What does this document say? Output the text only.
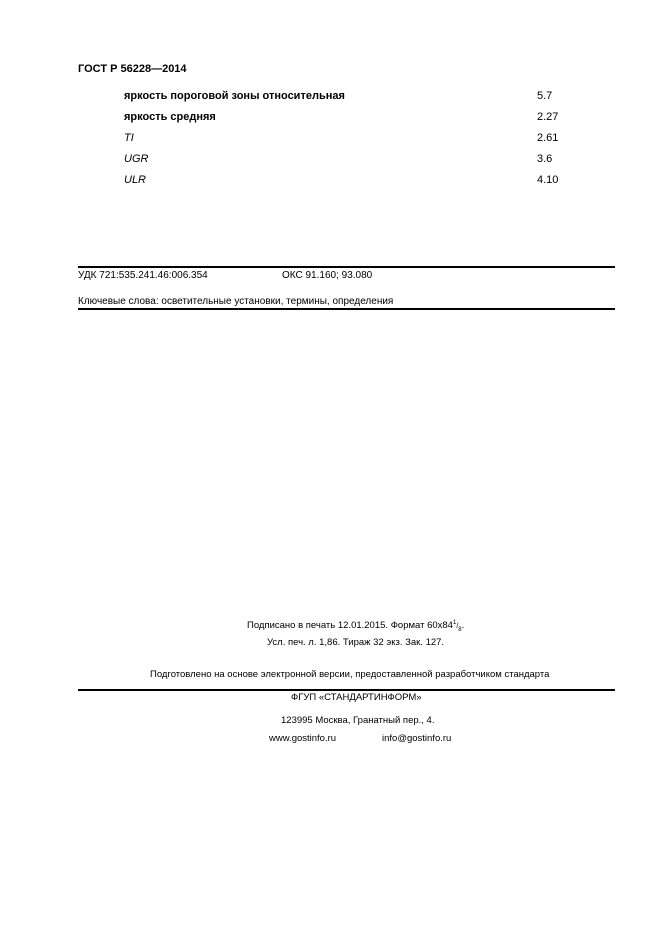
ГОСТ Р 56228—2014
яркость пороговой зоны относительная	5.7
яркость средняя	2.27
TI	2.61
UGR	3.6
ULR	4.10
УДК 721:535.241.46:006.354	ОКС 91.160; 93.080
Ключевые слова: осветительные установки, термины, определения
Подписано в печать 12.01.2015. Формат $60х84^1/_8$.
Усл. печ. л. 1,86. Тираж 32 экз. Зак. 127.
Подготовлено на основе электронной версии, предоставленной разработчиком стандарта
ФГУП «СТАНДАРТИНФОРМ»
123995 Москва, Гранатный пер., 4.
www.gostinfo.ru	info@gostinfo.ru
